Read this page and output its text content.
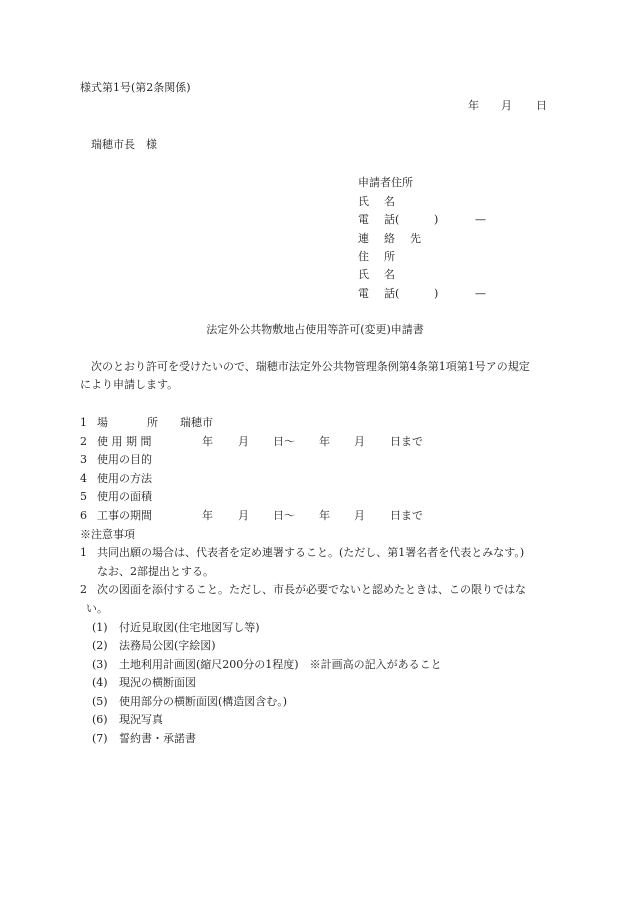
様式第1号(第2条関係)
年 月 日
瑞穂市長　様
申請者住所
氏 名
電 話(	)	—
連 絡 先
住 所
氏 名
電 話(	)	—
法定外公共物敷地占使用等許可(変更)申請書
次のとおり許可を受けたいので、瑞穂市法定外公共物管理条例第4条第1項第1号アの規定
により申請します。
1 場	所 瑞穂市
2 使 用 期 間	年 月 日〜 年 月 日まで
3 使用の目的
4 使用の方法
5 使用の面積
6 工事の期間	年 月 日〜 年 月 日まで
※注意事項
1 共同出願の場合は、代表者を定め連署すること。(ただし、第1署名者を代表とみなす。)
なお、2部提出とする。
2 次の図面を添付すること。ただし、市長が必要でないと認めたときは、この限りではな
い。
(1) 付近見取図(住宅地図写し等)
(2) 法務局公図(字絵図)
(3) 土地利用計画図(縮尺200分の1程度)　※計画高の記入があること
(4) 現況の横断面図
(5) 使用部分の横断面図(構造図含む。)
(6) 現況写真
(7) 誓約書・承諾書
